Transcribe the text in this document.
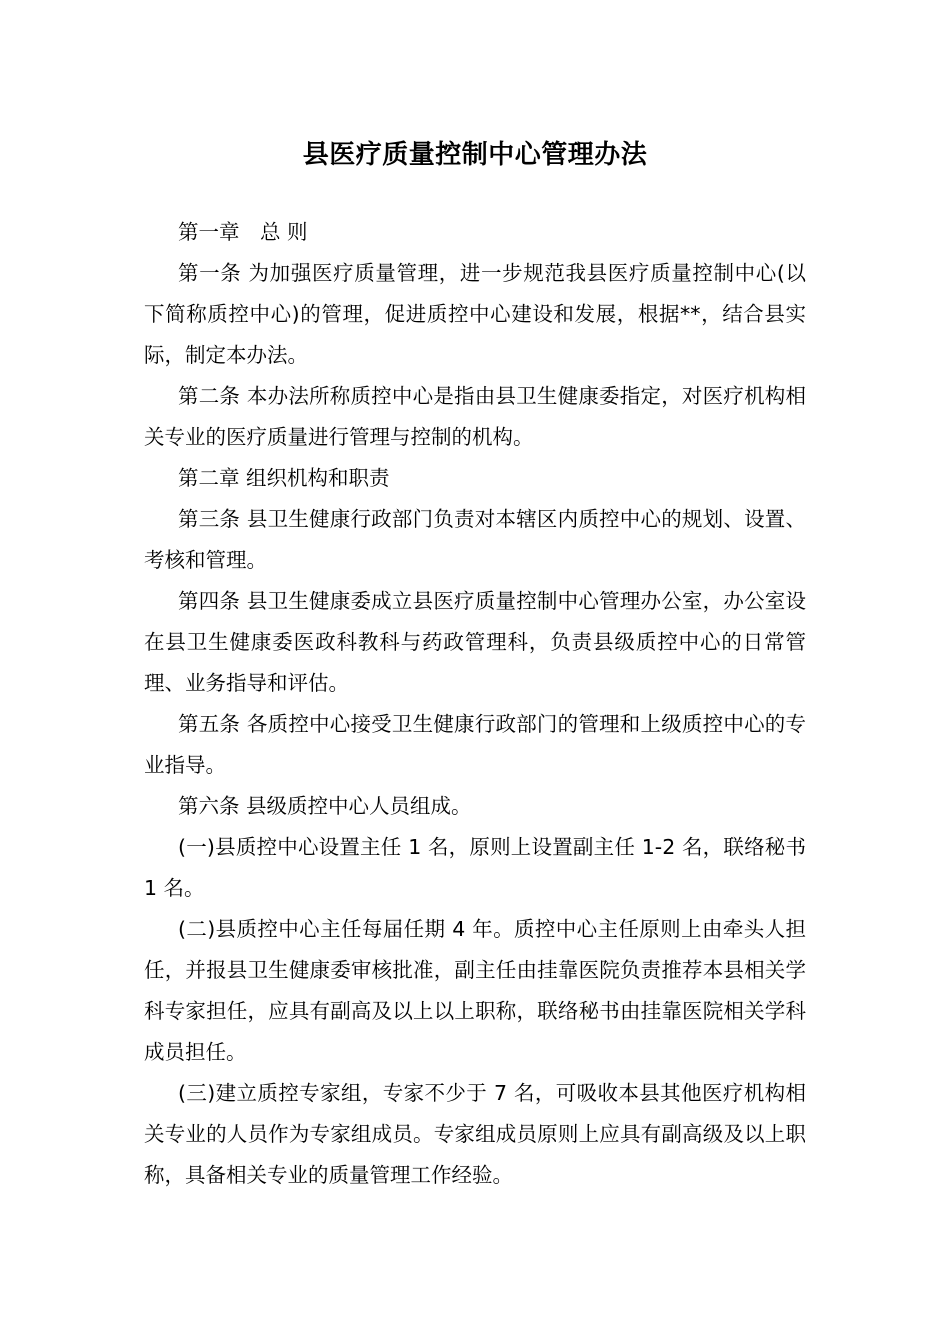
县医疗质量控制中心管理办法

第一章　总 则

第一条 为加强医疗质量管理，进一步规范我县医疗质量控制中心(以下简称质控中心)的管理，促进质控中心建设和发展，根据**，结合县实际，制定本办法。

第二条 本办法所称质控中心是指由县卫生健康委指定，对医疗机构相关专业的医疗质量进行管理与控制的机构。

第二章 组织机构和职责

第三条 县卫生健康行政部门负责对本辖区内质控中心的规划、设置、考核和管理。

第四条 县卫生健康委成立县医疗质量控制中心管理办公室，办公室设在县卫生健康委医政科教科与药政管理科，负责县级质控中心的日常管理、业务指导和评估。

第五条 各质控中心接受卫生健康行政部门的管理和上级质控中心的专业指导。

第六条 县级质控中心人员组成。

(一)县质控中心设置主任 1 名，原则上设置副主任 1-2 名，联络秘书 1 名。

(二)县质控中心主任每届任期 4 年。质控中心主任原则上由牵头人担任，并报县卫生健康委审核批准，副主任由挂靠医院负责推荐本县相关学科专家担任，应具有副高及以上以上职称，联络秘书由挂靠医院相关学科成员担任。

(三)建立质控专家组，专家不少于 7 名，可吸收本县其他医疗机构相关专业的人员作为专家组成员。专家组成员原则上应具有副高级及以上职称，具备相关专业的质量管理工作经验。
